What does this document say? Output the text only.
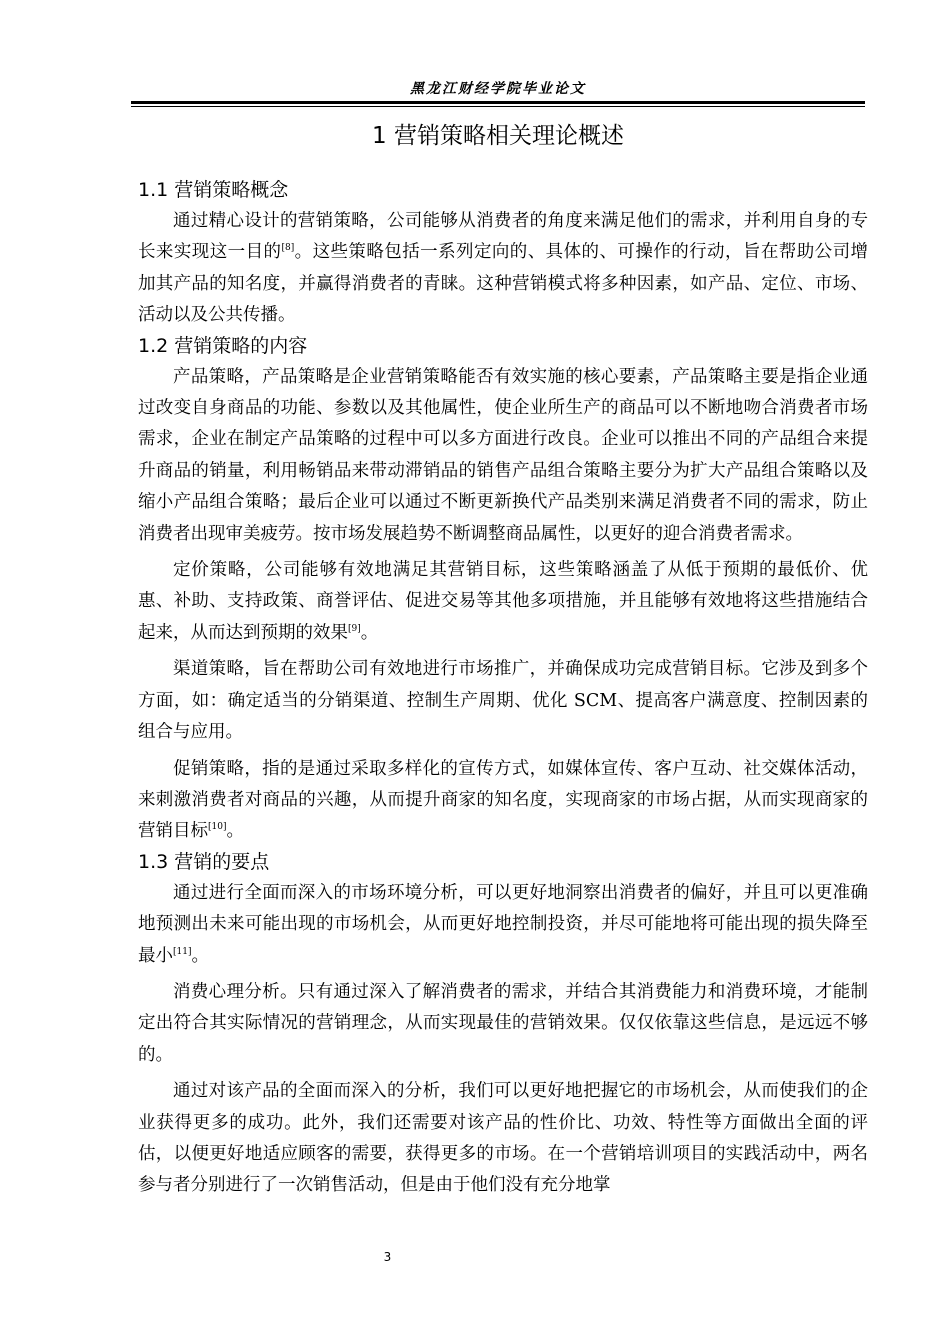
黑龙江财经学院毕业论文
1 营销策略相关理论概述
1.1 营销策略概念

通过精心设计的营销策略，公司能够从消费者的角度来满足他们的需求，并利用自身的专长来实现这一目的[8]。这些策略包括一系列定向的、具体的、可操作的行动，旨在帮助公司增加其产品的知名度，并赢得消费者的青睐。这种营销模式将多种因素，如产品、定位、市场、活动以及公共传播。

1.2 营销策略的内容

产品策略，产品策略是企业营销策略能否有效实施的核心要素，产品策略主要是指企业通过改变自身商品的功能、参数以及其他属性，使企业所生产的商品可以不断地吻合消费者市场需求，企业在制定产品策略的过程中可以多方面进行改良。企业可以推出不同的产品组合来提升商品的销量，利用畅销品来带动滞销品的销售产品组合策略主要分为扩大产品组合策略以及缩小产品组合策略；最后企业可以通过不断更新换代产品类别来满足消费者不同的需求，防止消费者出现审美疲劳。按市场发展趋势不断调整商品属性，以更好的迎合消费者需求。

定价策略，公司能够有效地满足其营销目标，这些策略涵盖了从低于预期的最低价、优惠、补助、支持政策、商誉评估、促进交易等其他多项措施，并且能够有效地将这些措施结合起来，从而达到预期的效果[9]。

渠道策略，旨在帮助公司有效地进行市场推广，并确保成功完成营销目标。它涉及到多个方面，如：确定适当的分销渠道、控制生产周期、优化 SCM、提高客户满意度、控制因素的组合与应用。

促销策略，指的是通过采取多样化的宣传方式，如媒体宣传、客户互动、社交媒体活动，来刺激消费者对商品的兴趣，从而提升商家的知名度，实现商家的市场占据，从而实现商家的营销目标[10]。

1.3 营销的要点

通过进行全面而深入的市场环境分析，可以更好地洞察出消费者的偏好，并且可以更准确地预测出未来可能出现的市场机会，从而更好地控制投资，并尽可能地将可能出现的损失降至最小[11]。

消费心理分析。只有通过深入了解消费者的需求，并结合其消费能力和消费环境，才能制定出符合其实际情况的营销理念，从而实现最佳的营销效果。仅仅依靠这些信息，是远远不够的。

通过对该产品的全面而深入的分析，我们可以更好地把握它的市场机会，从而使我们的企业获得更多的成功。此外，我们还需要对该产品的性价比、功效、特性等方面做出全面的评估，以便更好地适应顾客的需要，获得更多的市场。在一个营销培训项目的实践活动中，两名参与者分别进行了一次销售活动，但是由于他们没有充分地掌

3
